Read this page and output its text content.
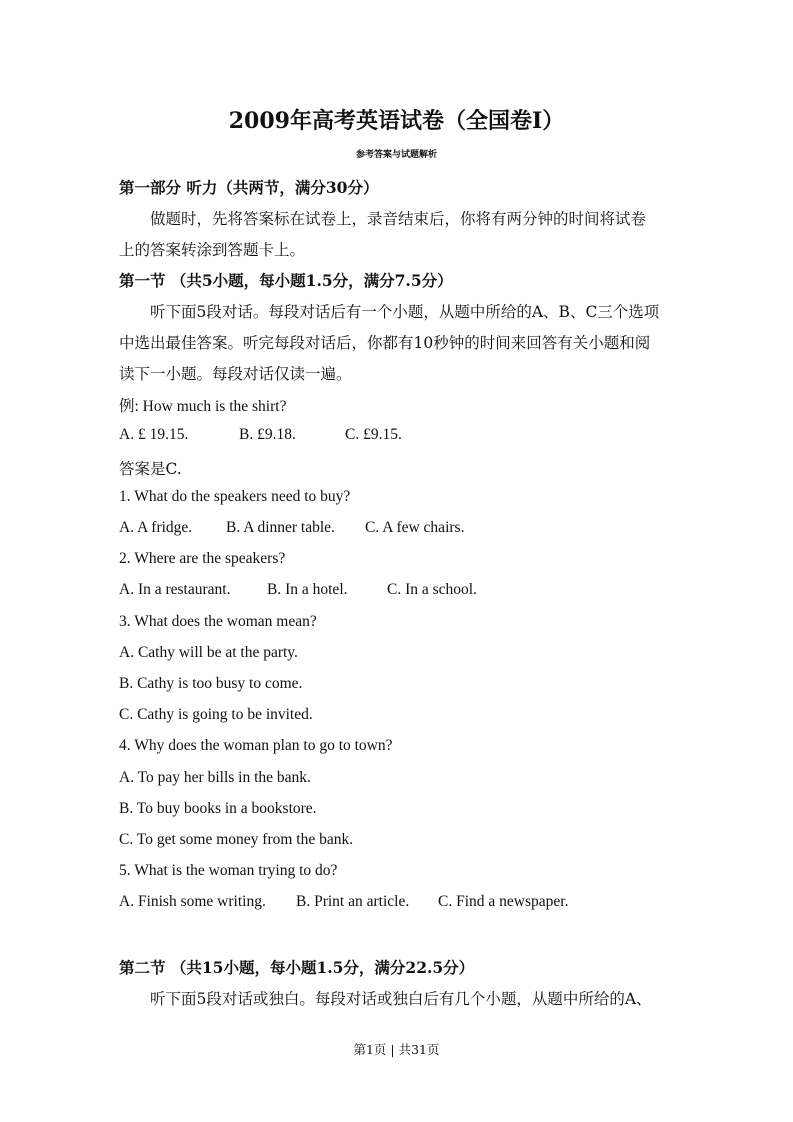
2009年高考英语试卷（全国卷I）
参考答案与试题解析
第一部分 听力（共两节，满分30分）
做题时，先将答案标在试卷上，录音结束后，你将有两分钟的时间将试卷
上的答案转涂到答题卡上。
第一节 （共5小题，每小题1.5分，满分7.5分）
听下面5段对话。每段对话后有一个小题，从题中所给的A、B、C三个选项
中选出最佳答案。听完每段对话后，你都有10秒钟的时间来回答有关小题和阅
读下一小题。每段对话仅读一遍。
例: How much is the shirt?
A. £ 19.15.	B. £9.18.	C. £9.15.
答案是C.
1. What do the speakers need to buy?
A. A fridge. B. A dinner table. C. A few chairs.
2. Where are the speakers?
A. In a restaurant. B. In a hotel.	C. In a school.
3. What does the woman mean?
A. Cathy will be at the party.
B. Cathy is too busy to come.
C. Cathy is going to be invited.
4. Why does the woman plan to go to town?
A. To pay her bills in the bank.
B. To buy books in a bookstore.
C. To get some money from the bank.
5. What is the woman trying to do?
A. Finish some writing. B. Print an article. C. Find a newspaper.
第二节 （共15小题，每小题1.5分，满分22.5分）
听下面5段对话或独白。每段对话或独白后有几个小题，从题中所给的A、
第1页 | 共31页
